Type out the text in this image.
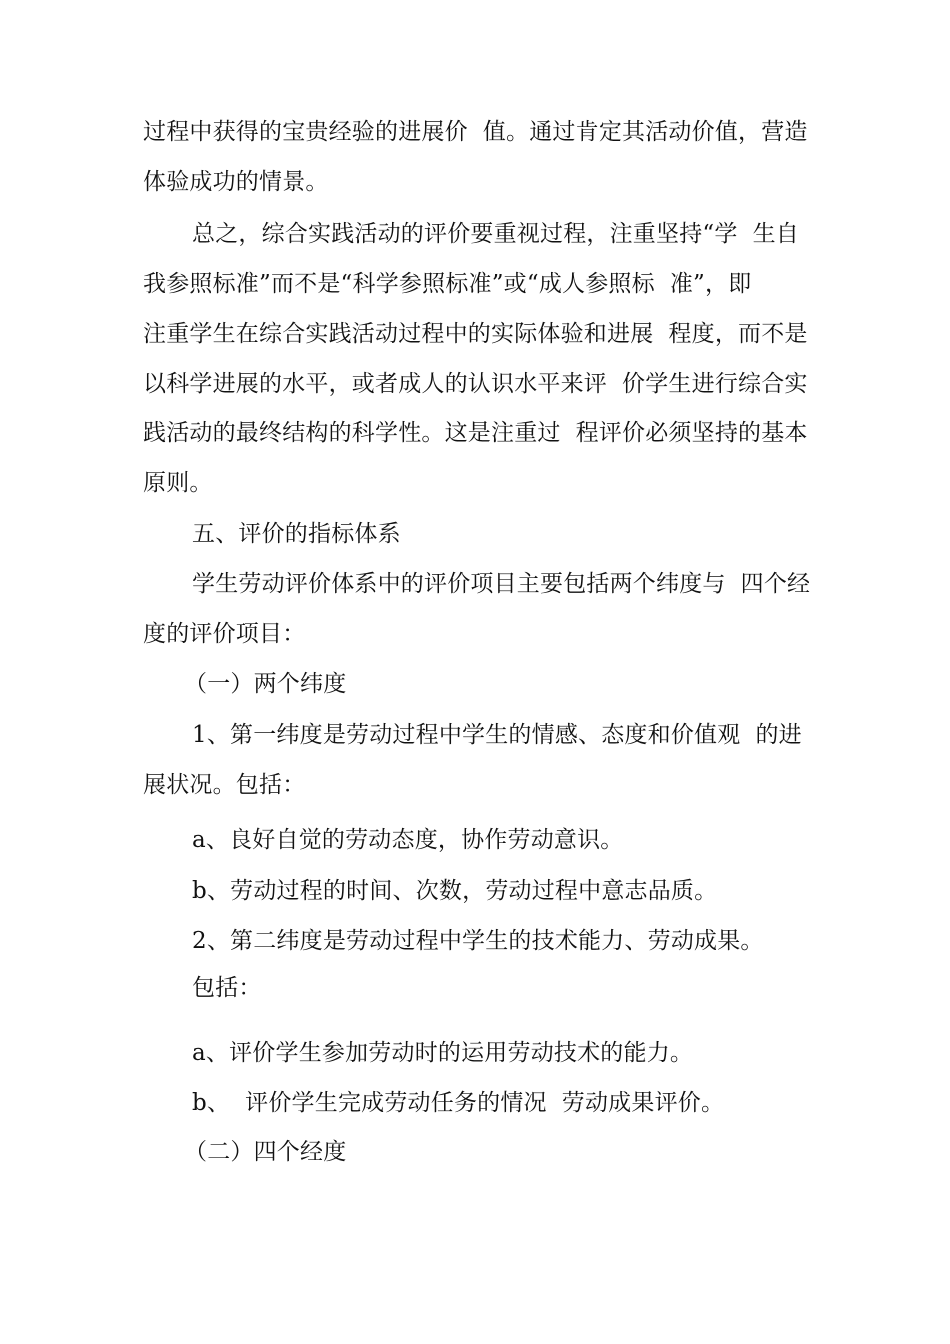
过程中获得的宝贵经验的进展价  值。通过肯定其活动价值，营造
体验成功的情景。
总之，综合实践活动的评价要重视过程，注重坚持“学  生自
我参照标准”而不是“科学参照标准”或“成人参照标  准”，即
注重学生在综合实践活动过程中的实际体验和进展  程度，而不是
以科学进展的水平，或者成人的认识水平来评  价学生进行综合实
践活动的最终结构的科学性。这是注重过  程评价必须坚持的基本
原则。
五、评价的指标体系
学生劳动评价体系中的评价项目主要包括两个纬度与  四个经
度的评价项目：
（一）两个纬度
1、第一纬度是劳动过程中学生的情感、态度和价值观  的进
展状况。包括：
a、良好自觉的劳动态度，协作劳动意识。
b、劳动过程的时间、次数，劳动过程中意志品质。
2、第二纬度是劳动过程中学生的技术能力、劳动成果。
包括：
a、评价学生参加劳动时的运用劳动技术的能力。
b、  评价学生完成劳动任务的情况  劳动成果评价。
（二）四个经度
